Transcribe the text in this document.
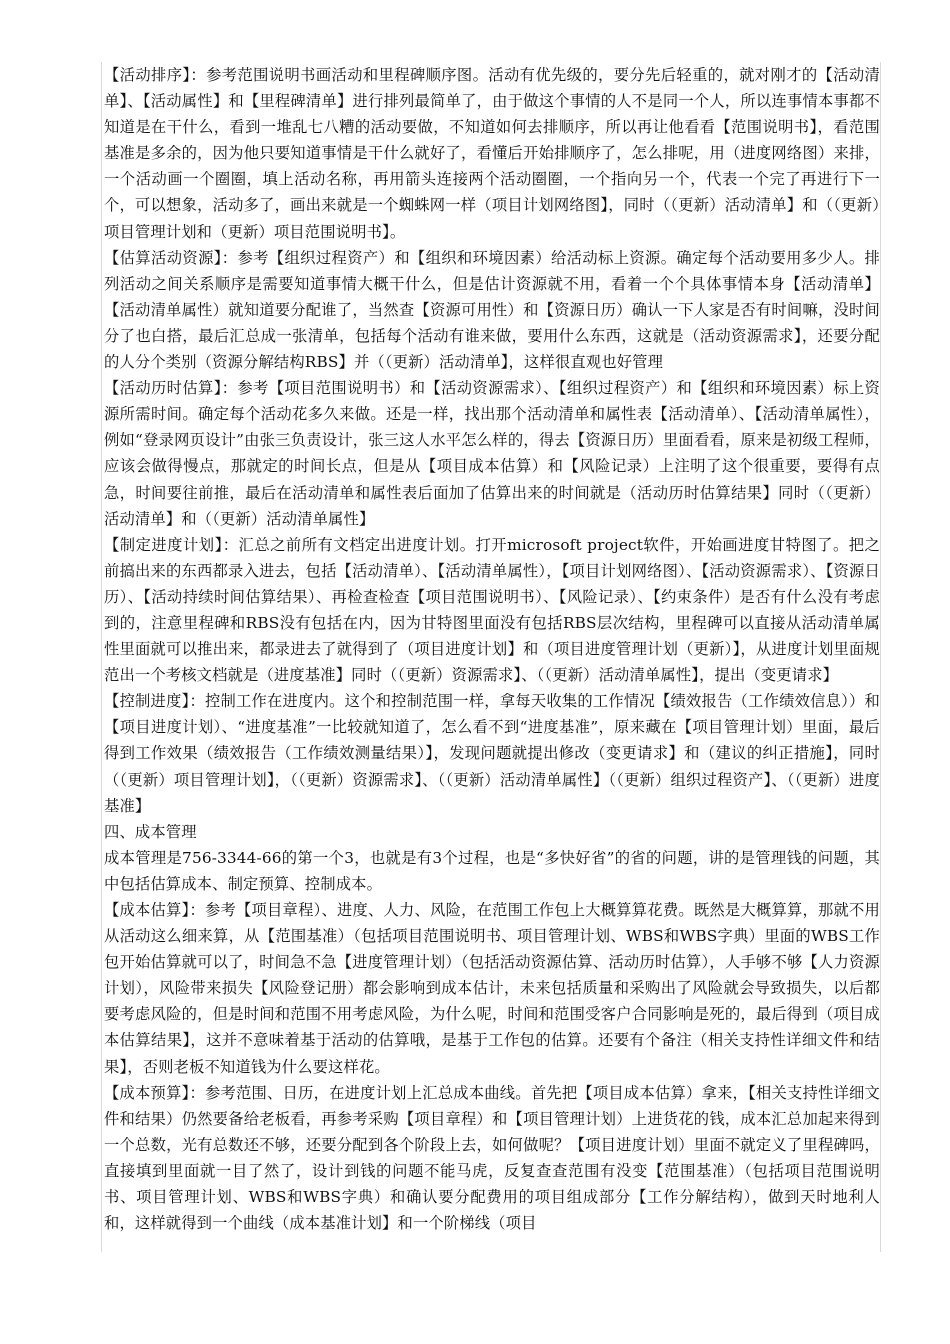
【活动排序】：参考范围说明书画活动和里程碑顺序图。活动有优先级的，要分先后轻重的，就对刚才的【活动清单】、【活动属性】和【里程碑清单】进行排列最简单了，由于做这个事情的人不是同一个人，所以连事情本事都不知道是在干什么，看到一堆乱七八糟的活动要做，不知道如何去排顺序，所以再让他看看【范围说明书】，看范围基准是多余的，因为他只要知道事情是干什么就好了，看懂后开始排顺序了，怎么排呢，用（进度网络图）来排，一个活动画一个圈圈，填上活动名称，再用箭头连接两个活动圈圈，一个指向另一个，代表一个完了再进行下一个，可以想象，活动多了，画出来就是一个蜘蛛网一样（项目计划网络图】，同时（（更新）活动清单】和（（更新）项目管理计划和（更新）项目范围说明书】。

【估算活动资源】：参考【组织过程资产）和【组织和环境因素）给活动标上资源。确定每个活动要用多少人。排列活动之间关系顺序是需要知道事情大概干什么，但是估计资源就不用，看着一个个具体事情本身【活动清单】【活动清单属性）就知道要分配谁了，当然查【资源可用性）和【资源日历）确认一下人家是否有时间嘛，没时间分了也白搭，最后汇总成一张清单，包括每个活动有谁来做，要用什么东西，这就是（活动资源需求】，还要分配的人分个类别（资源分解结构RBS】并（（更新）活动清单】，这样很直观也好管理

【活动历时估算】：参考【项目范围说明书）和【活动资源需求）、【组织过程资产）和【组织和环境因素）标上资源所需时间。确定每个活动花多久来做。还是一样，找出那个活动清单和属性表【活动清单）、【活动清单属性），例如“登录网页设计”由张三负责设计，张三这人水平怎么样的，得去【资源日历）里面看看，原来是初级工程师，应该会做得慢点，那就定的时间长点，但是从【项目成本估算）和【风险记录）上注明了这个很重要，要得有点急，时间要往前推，最后在活动清单和属性表后面加了估算出来的时间就是（活动历时估算结果】同时（（更新）活动清单】和（（更新）活动清单属性】

【制定进度计划】：汇总之前所有文档定出进度计划。打开microsoft project软件，开始画进度甘特图了。把之前搞出来的东西都录入进去，包括【活动清单）、【活动清单属性），【项目计划网络图）、【活动资源需求）、【资源日历）、【活动持续时间估算结果）、再检查检查【项目范围说明书）、【风险记录）、【约束条件）是否有什么没有考虑到的，注意里程碑和RBS没有包括在内，因为甘特图里面没有包括RBS层次结构，里程碑可以直接从活动清单属性里面就可以推出来，都录进去了就得到了（项目进度计划】和（项目进度管理计划（更新）】，从进度计划里面规范出一个考核文档就是（进度基准】同时（（更新）资源需求】、（（更新）活动清单属性】，提出（变更请求】

【控制进度】：控制工作在进度内。这个和控制范围一样，拿每天收集的工作情况【绩效报告（工作绩效信息））和【项目进度计划）、“进度基准”一比较就知道了，怎么看不到“进度基准”，原来藏在【项目管理计划）里面，最后得到工作效果（绩效报告（工作绩效测量结果）】，发现问题就提出修改（变更请求】和（建议的纠正措施】，同时（（更新）项目管理计划】，（（更新）资源需求】、（（更新）活动清单属性】（（更新）组织过程资产】、（（更新）进度基准】

四、成本管理

成本管理是756-3344-66的第一个3，也就是有3个过程，也是“多快好省”的省的问题，讲的是管理钱的问题，其中包括估算成本、制定预算、控制成本。

【成本估算】：参考【项目章程）、进度、人力、风险，在范围工作包上大概算算花费。既然是大概算算，那就不用从活动这么细来算，从【范围基准）（包括项目范围说明书、项目管理计划、WBS和WBS字典）里面的WBS工作包开始估算就可以了，时间急不急【进度管理计划）（包括活动资源估算、活动历时估算），人手够不够【人力资源计划），风险带来损失【风险登记册）都会影响到成本估计，未来包括质量和采购出了风险就会导致损失，以后都要考虑风险的，但是时间和范围不用考虑风险，为什么呢，时间和范围受客户合同影响是死的，最后得到（项目成本估算结果】，这并不意味着基于活动的估算哦，是基于工作包的估算。还要有个备注（相关支持性详细文件和结果】，否则老板不知道钱为什么要这样花。

【成本预算】：参考范围、日历，在进度计划上汇总成本曲线。首先把【项目成本估算）拿来，【相关支持性详细文件和结果）仍然要备给老板看，再参考采购【项目章程）和【项目管理计划）上进货花的钱，成本汇总加起来得到一个总数，光有总数还不够，还要分配到各个阶段上去，如何做呢？【项目进度计划）里面不就定义了里程碑吗，直接填到里面就一目了然了，设计到钱的问题不能马虎，反复查查范围有没变【范围基准）（包括项目范围说明书、项目管理计划、WBS和WBS字典）和确认要分配费用的项目组成部分【工作分解结构），做到天时地利人和，这样就得到一个曲线（成本基准计划】和一个阶梯线（项目
